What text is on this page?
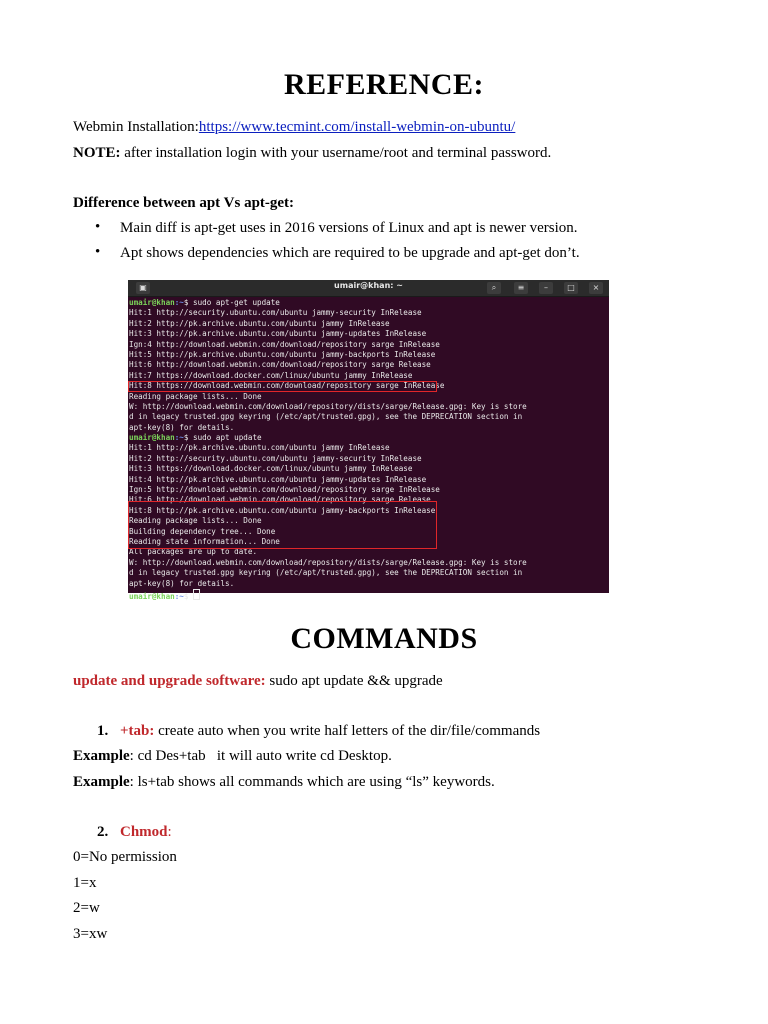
REFERENCE:
Webmin Installation:https://www.tecmint.com/install-webmin-on-ubuntu/
NOTE: after installation login with your username/root and terminal password.
Difference between apt Vs apt-get:
• Main diff is apt-get uses in 2016 versions of Linux and apt is newer version.
• Apt shows dependencies which are required to be upgrade and apt-get don’t.
▣	umair@khan: ~	⌕	≡	–	□	×
umair@khan:~$ sudo apt-get update
Hit:1 http://security.ubuntu.com/ubuntu jammy-security InRelease
Hit:2 http://pk.archive.ubuntu.com/ubuntu jammy InRelease
Hit:3 http://pk.archive.ubuntu.com/ubuntu jammy-updates InRelease
Ign:4 http://download.webmin.com/download/repository sarge InRelease
Hit:5 http://pk.archive.ubuntu.com/ubuntu jammy-backports InRelease
Hit:6 http://download.webmin.com/download/repository sarge Release
Hit:7 https://download.docker.com/linux/ubuntu jammy InRelease
Hit:8 https://download.webmin.com/download/repository sarge InRelease
Reading package lists... Done
W: http://download.webmin.com/download/repository/dists/sarge/Release.gpg: Key is store
d in legacy trusted.gpg keyring (/etc/apt/trusted.gpg), see the DEPRECATION section in
apt-key(8) for details.
umair@khan:~$ sudo apt update
Hit:1 http://pk.archive.ubuntu.com/ubuntu jammy InRelease
Hit:2 http://security.ubuntu.com/ubuntu jammy-security InRelease
Hit:3 https://download.docker.com/linux/ubuntu jammy InRelease
Hit:4 http://pk.archive.ubuntu.com/ubuntu jammy-updates InRelease
Ign:5 http://download.webmin.com/download/repository sarge InRelease
Hit:6 http://download.webmin.com/download/repository sarge Release
Hit:8 http://pk.archive.ubuntu.com/ubuntu jammy-backports InRelease
Reading package lists... Done
Building dependency tree... Done
Reading state information... Done
All packages are up to date.
W: http://download.webmin.com/download/repository/dists/sarge/Release.gpg: Key is store
d in legacy trusted.gpg keyring (/etc/apt/trusted.gpg), see the DEPRECATION section in
apt-key(8) for details.
umair@khan:~$
COMMANDS
update and upgrade software: sudo apt update && upgrade
1. +tab: create auto when you write half letters of the dir/file/commands
Example: cd Des+tab   it will auto write cd Desktop.
Example: ls+tab shows all commands which are using “ls” keywords.
2. Chmod:
0=No permission
1=x
2=w
3=xw
